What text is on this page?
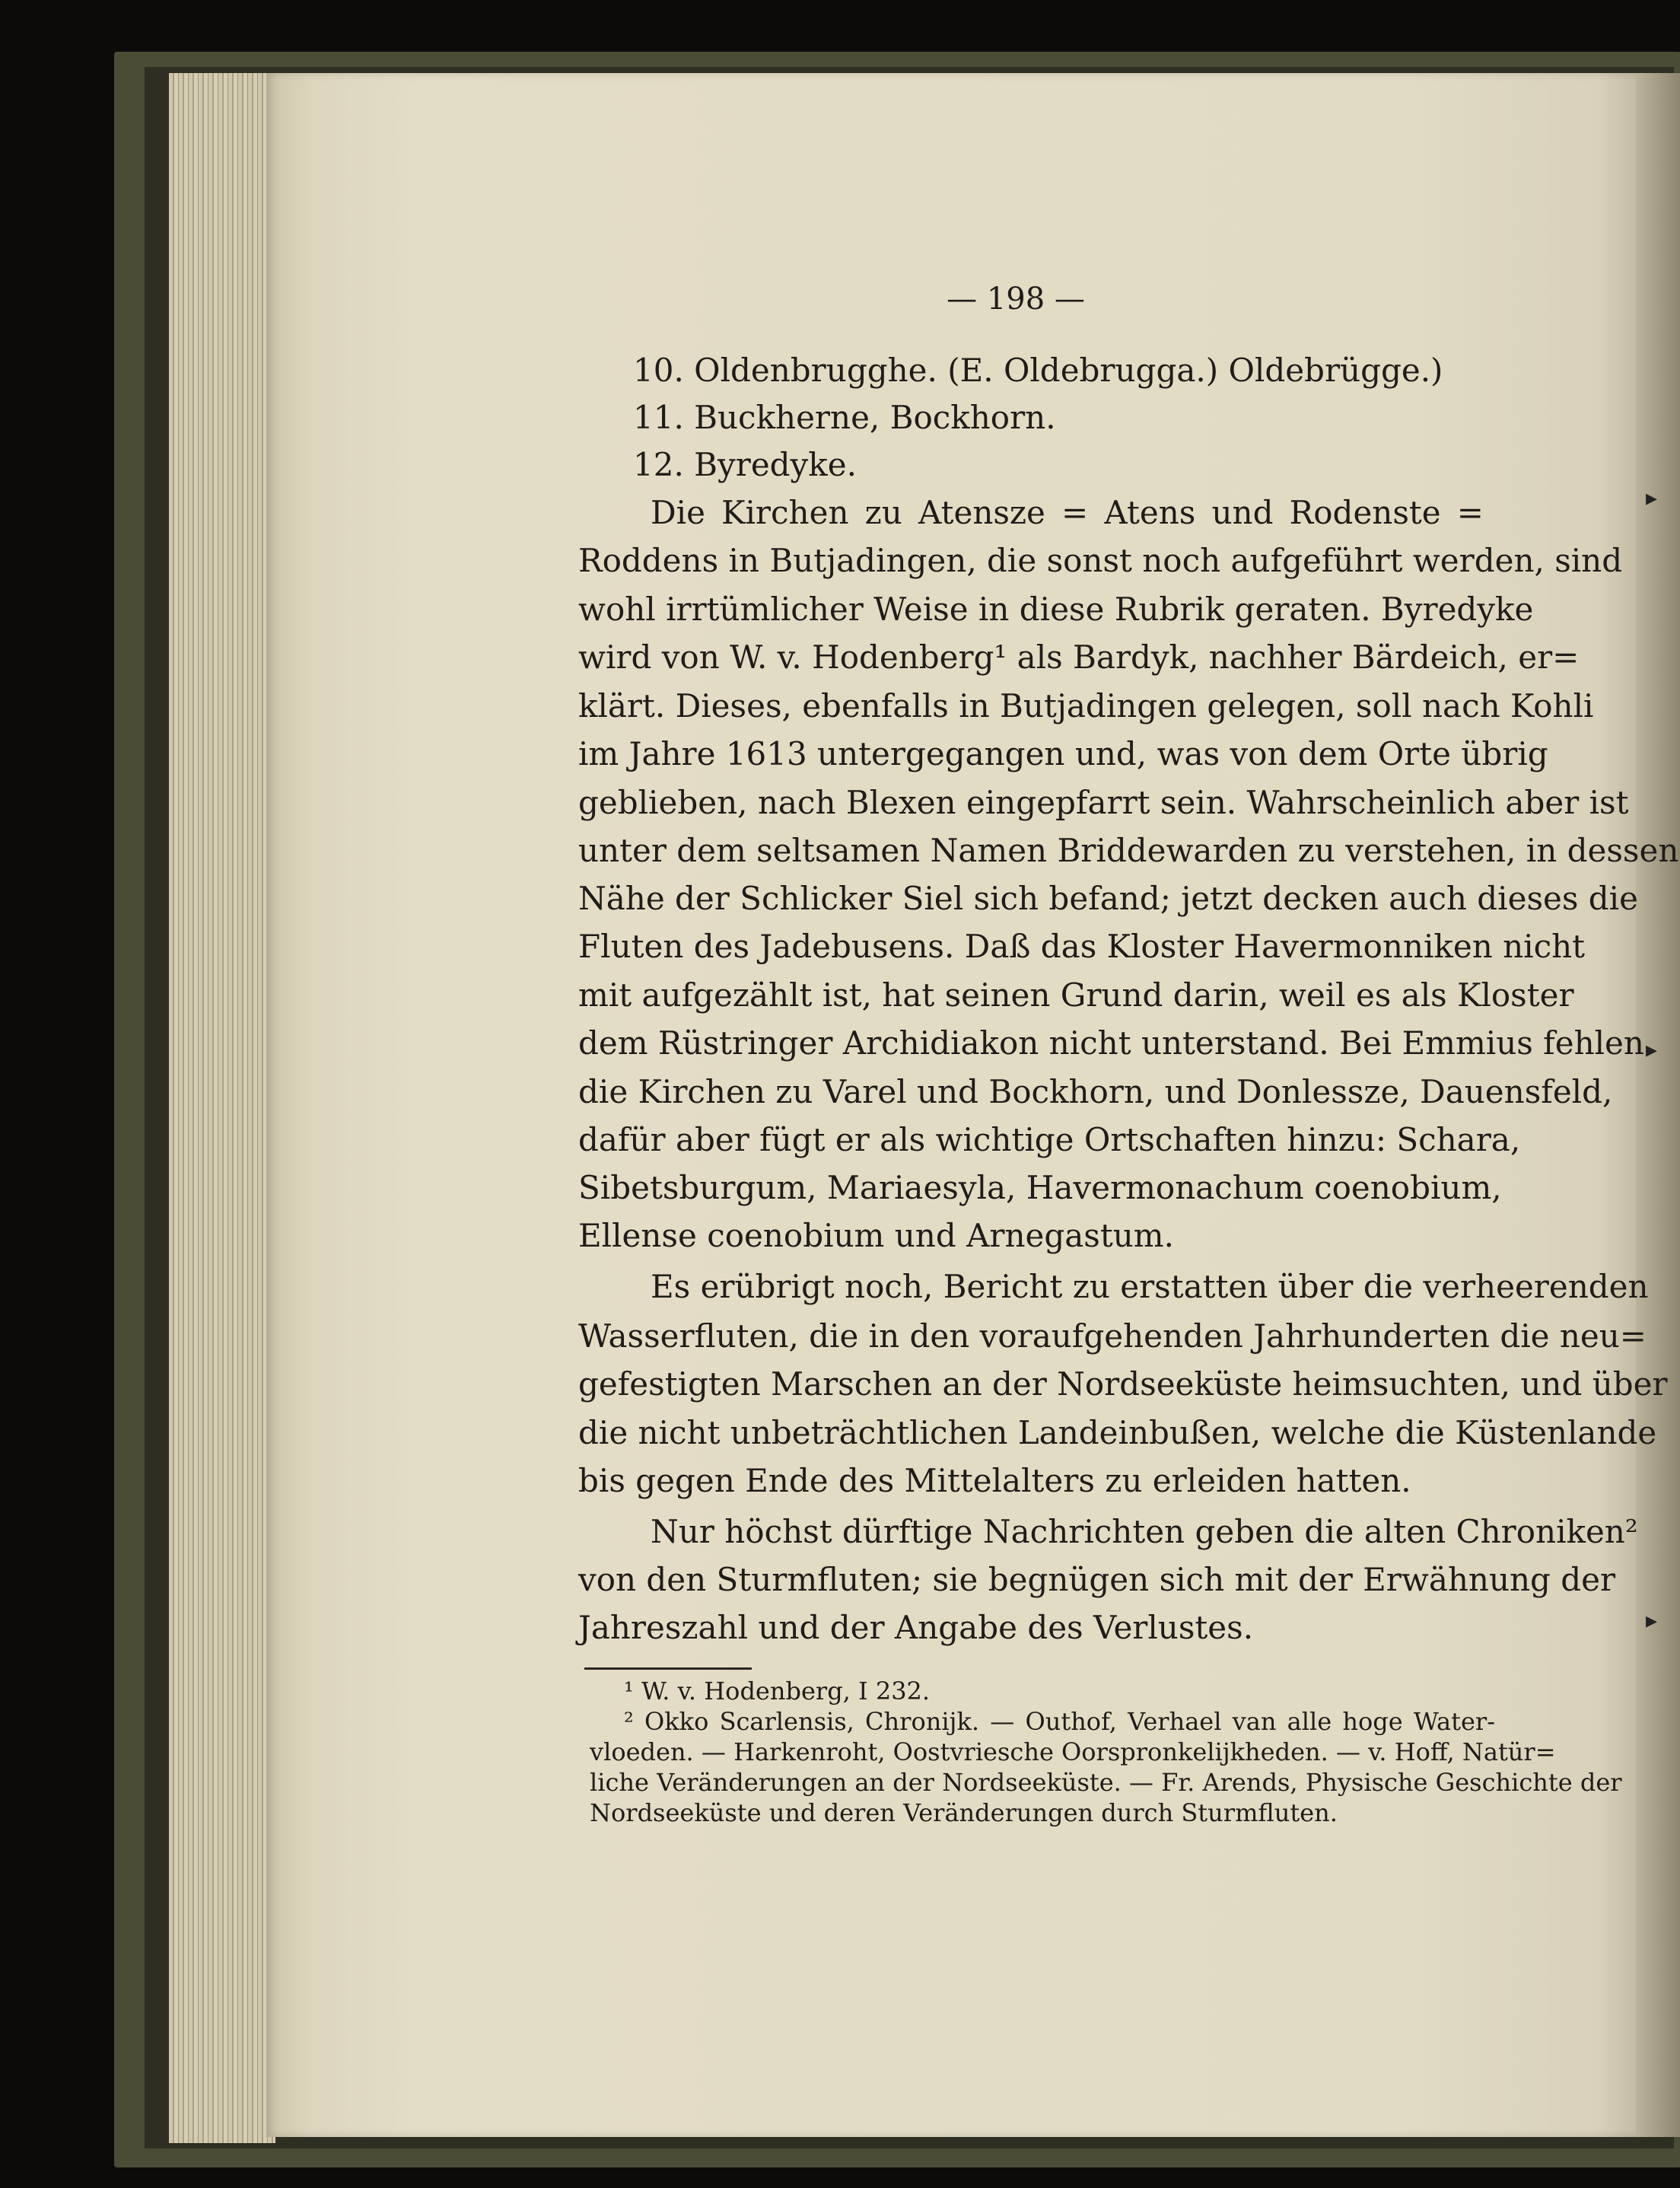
— 198 —
10. Oldenbrugghe. (E. Oldebrugga.) Oldebrügge.)
11. Buckherne, Bockhorn.
12. Byredyke.
Die Kirchen zu Atensze = Atens und Rodenste =
Roddens in Butjadingen, die sonst noch aufgeführt werden, sind
wohl irrtümlicher Weise in diese Rubrik geraten. Byredyke
wird von W. v. Hodenberg¹ als Bardyk, nachher Bärdeich, er=
klärt. Dieses, ebenfalls in Butjadingen gelegen, soll nach Kohli
im Jahre 1613 untergegangen und, was von dem Orte übrig
geblieben, nach Blexen eingepfarrt sein. Wahrscheinlich aber ist
unter dem seltsamen Namen Briddewarden zu verstehen, in dessen
Nähe der Schlicker Siel sich befand; jetzt decken auch dieses die
Fluten des Jadebusens. Daß das Kloster Havermonniken nicht
mit aufgezählt ist, hat seinen Grund darin, weil es als Kloster
dem Rüstringer Archidiakon nicht unterstand. Bei Emmius fehlen
die Kirchen zu Varel und Bockhorn, und Donlessze, Dauensfeld,
dafür aber fügt er als wichtige Ortschaften hinzu: Schara,
Sibetsburgum, Mariaesyla, Havermonachum coenobium,
Ellense coenobium und Arnegastum.
Es erübrigt noch, Bericht zu erstatten über die verheerenden
Wasserfluten, die in den voraufgehenden Jahrhunderten die neu=
gefestigten Marschen an der Nordseeküste heimsuchten, und über
die nicht unbeträchtlichen Landeinbußen, welche die Küstenlande
bis gegen Ende des Mittelalters zu erleiden hatten.
Nur höchst dürftige Nachrichten geben die alten Chroniken²
von den Sturmfluten; sie begnügen sich mit der Erwähnung der
Jahreszahl und der Angabe des Verlustes.
¹ W. v. Hodenberg, I 232.
² Okko Scarlensis, Chronijk. — Outhof, Verhael van alle hoge Water-
vloeden. — Harkenroht, Oostvriesche Oorspronkelijkheden. — v. Hoff, Natür=
liche Veränderungen an der Nordseeküste. — Fr. Arends, Physische Geschichte der
Nordseeküste und deren Veränderungen durch Sturmfluten.
▸
▸
▸
